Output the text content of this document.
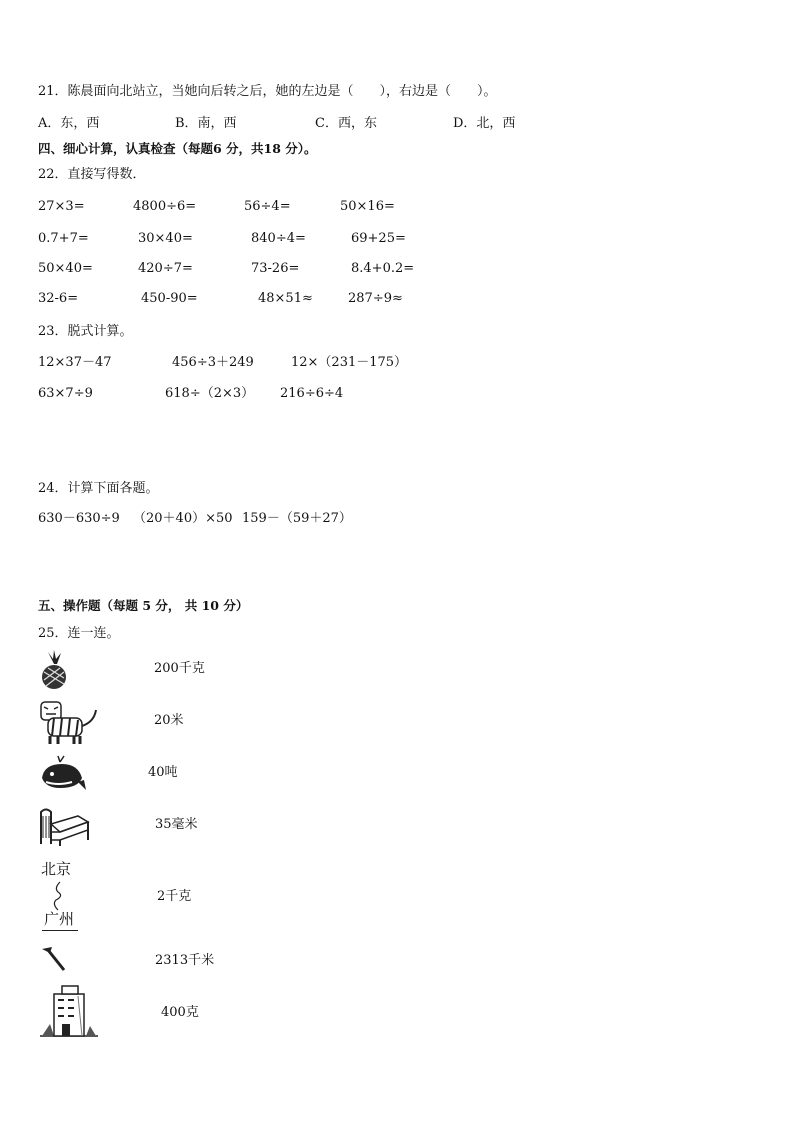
21．陈晨面向北站立，当她向后转之后，她的左边是（　　），右边是（　　）。
A．东，西	B．南，西	C．西，东	D．北，西
四、细心计算，认真检查（每题6 分，共18 分）。
22．直接写得数．
27×3=	4800÷6=	56÷4=	50×16=
0.7+7=	30×40=	840÷4=	69+25=
50×40=	420÷7=	73-26=	8.4+0.2=
32-6=	450-90=	48×51≈	287÷9≈
23．脱式计算。
12×37－47	456÷3＋249	12×（231－175）
63×7÷9	618÷（2×3） 216÷6÷4
24．计算下面各题。
630－630÷9 （20＋40）×50 159－（59＋27）
五、操作题（每题 5 分， 共 10 分）
25．连一连。
200千克
20米
40吨
35毫米
北京
广州
2千克
2313千米
400克
